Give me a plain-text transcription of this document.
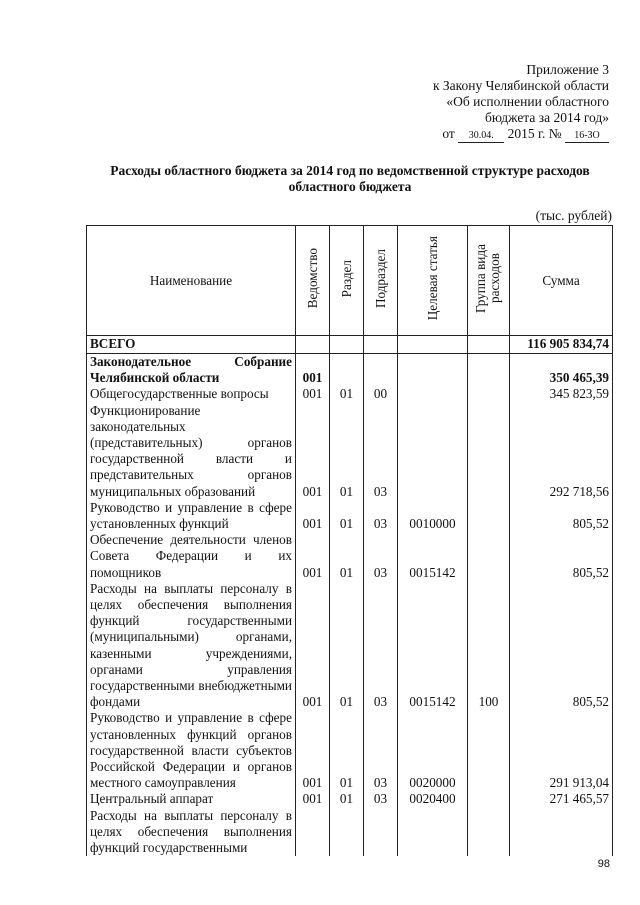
Приложение 3
к Закону Челябинской области
«Об исполнении областного
бюджета за 2014 год»
от 30.04. 2015 г. № 16-ЗО
Расходы областного бюджета за 2014 год по ведомственной структуре расходов областного бюджета
(тыс. рублей)
Наименование	Ведомство	Раздел	Подраздел	Целевая статья	Группа вида расходов	Сумма
ВСЕГО						116 905 834,74
Законодательное Собрание Челябинской области	001					350 465,39
Общегосударственные вопросы	001	01	00			345 823,59
Функционирование законодательных (представительных) органов государственной власти и представительных органов муниципальных образований	001	01	03			292 718,56
Руководство и управление в сфере установленных функций	001	01	03	0010000		805,52
Обеспечение деятельности членов Совета Федерации и их помощников	001	01	03	0015142		805,52
Расходы на выплаты персоналу в целях обеспечения выполнения функций государственными (муниципальными) органами, казенными учреждениями, органами управления государственными внебюджетными фондами	001	01	03	0015142	100	805,52
Руководство и управление в сфере установленных функций органов государственной власти субъектов Российской Федерации и органов местного самоуправления	001	01	03	0020000		291 913,04
Центральный аппарат	001	01	03	0020400		271 465,57
Расходы на выплаты персоналу в целях обеспечения выполнения функций государственными						
98
